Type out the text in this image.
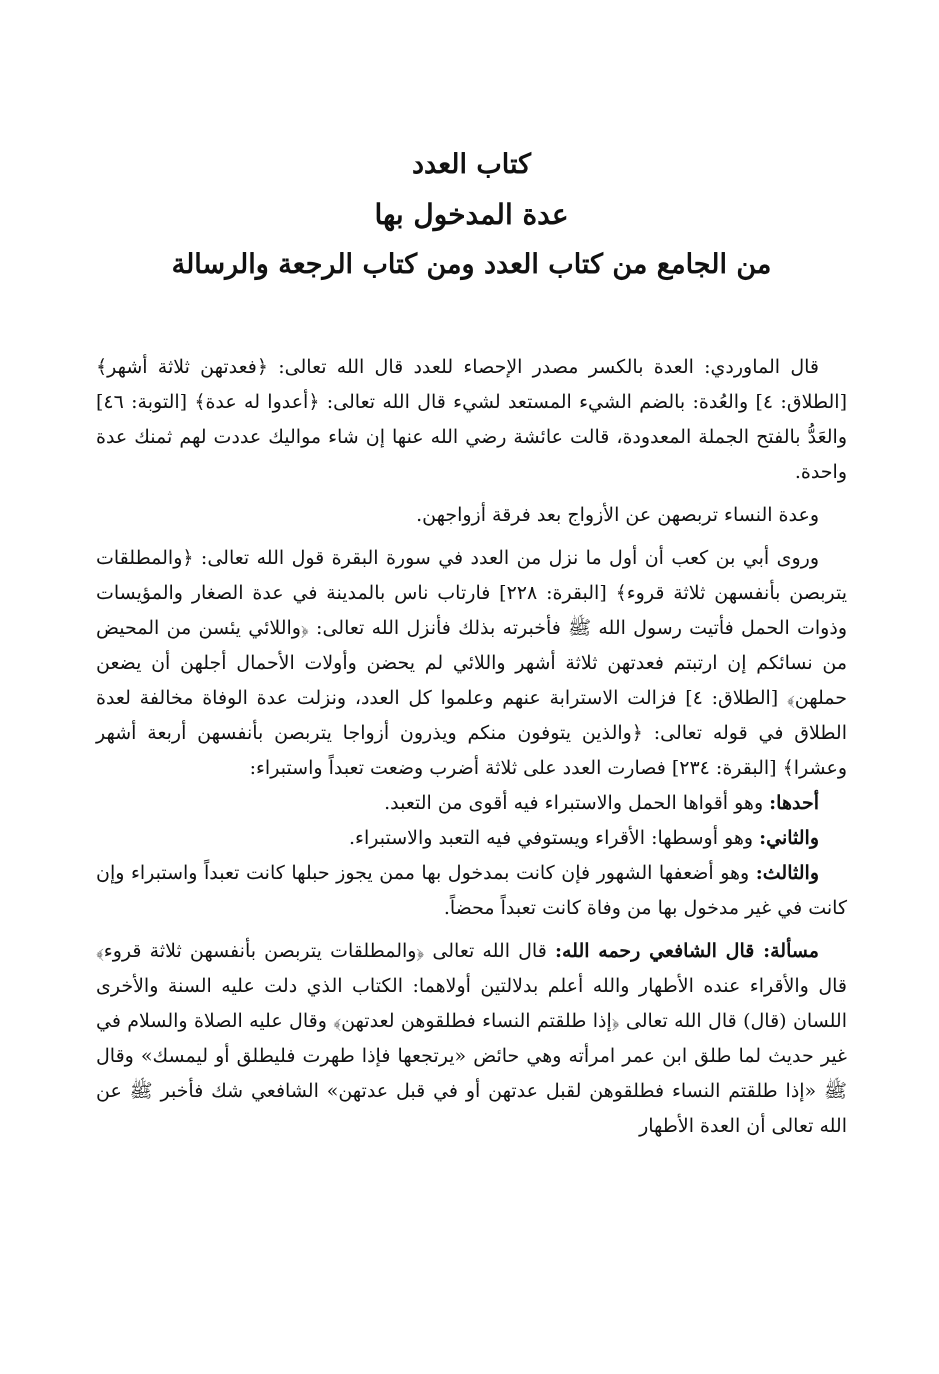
كتاب العدد
عدة المدخول بها
من الجامع من كتاب العدد ومن كتاب الرجعة والرسالة

قال الماوردي: العدة بالكسر مصدر الإحصاء للعدد قال الله تعالى: ﴿فعدتهن ثلاثة أشهر﴾ [الطلاق: ٤] والعُدة: بالضم الشيء المستعد لشيء قال الله تعالى: ﴿أعدوا له عدة﴾ [التوبة: ٤٦] والعَدُّ بالفتح الجملة المعدودة، قالت عائشة رضي الله عنها إن شاء مواليك عددت لهم ثمنك عدة واحدة.

وعدة النساء تربصهن عن الأزواج بعد فرقة أزواجهن.

وروى أبي بن كعب أن أول ما نزل من العدد في سورة البقرة قول الله تعالى: ﴿والمطلقات يتربصن بأنفسهن ثلاثة قروء﴾ [البقرة: ٢٢٨] فارتاب ناس بالمدينة في عدة الصغار والمؤيسات وذوات الحمل فأتيت رسول الله ﷺ فأخبرته بذلك فأنزل الله تعالى: ﴿واللائي يئسن من المحيض من نسائكم إن ارتبتم فعدتهن ثلاثة أشهر واللائي لم يحضن وأولات الأحمال أجلهن أن يضعن حملهن﴾ [الطلاق: ٤] فزالت الاسترابة عنهم وعلموا كل العدد، ونزلت عدة الوفاة مخالفة لعدة الطلاق في قوله تعالى: ﴿والذين يتوفون منكم ويذرون أزواجا يتربصن بأنفسهن أربعة أشهر وعشرا﴾ [البقرة: ٢٣٤] فصارت العدد على ثلاثة أضرب وضعت تعبداً واستبراء:

أحدها: وهو أقواها الحمل والاستبراء فيه أقوى من التعبد.

والثاني: وهو أوسطها: الأقراء ويستوفي فيه التعبد والاستبراء.

والثالث: وهو أضعفها الشهور فإن كانت بمدخول بها ممن يجوز حبلها كانت تعبداً واستبراء وإن كانت في غير مدخول بها من وفاة كانت تعبداً محضاً.

مسألة: قال الشافعي رحمه الله: قال الله تعالى ﴿والمطلقات يتربصن بأنفسهن ثلاثة قروء﴾ قال والأقراء عنده الأطهار والله أعلم بدلالتين أولاهما: الكتاب الذي دلت عليه السنة والأخرى اللسان (قال) قال الله تعالى ﴿إذا طلقتم النساء فطلقوهن لعدتهن﴾ وقال عليه الصلاة والسلام في غير حديث لما طلق ابن عمر امرأته وهي حائض «يرتجعها فإذا طهرت فليطلق أو ليمسك» وقال ﷺ «إذا طلقتم النساء فطلقوهن لقبل عدتهن أو في قبل عدتهن» الشافعي شك فأخبر ﷺ عن الله تعالى أن العدة الأطهار
